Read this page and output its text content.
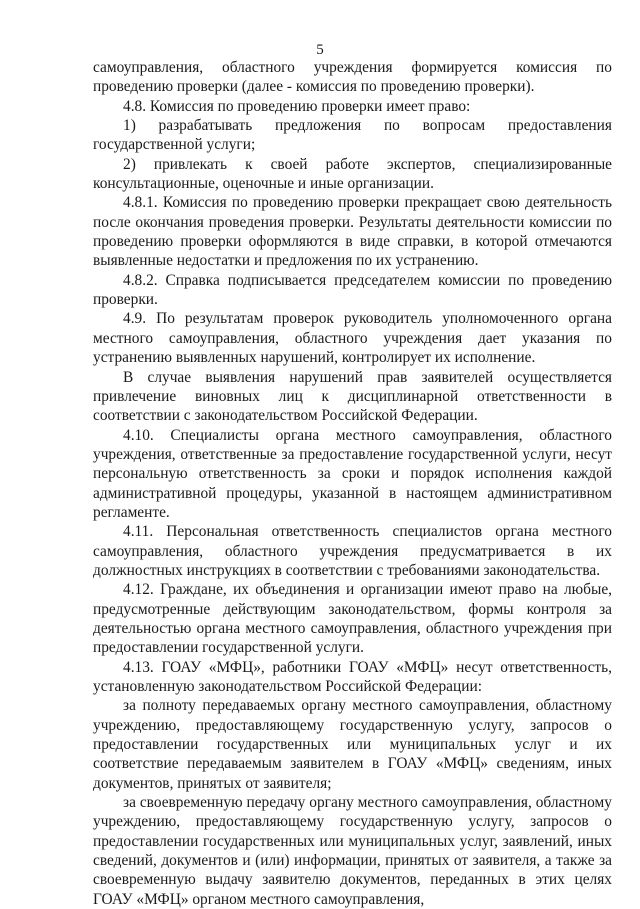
5

самоуправления, областного учреждения формируется комиссия по проведению проверки (далее - комиссия по проведению проверки).

4.8. Комиссия по проведению проверки имеет право:

1) разрабатывать предложения по вопросам предоставления государственной услуги;

2) привлекать к своей работе экспертов, специализированные консультационные, оценочные и иные организации.

4.8.1. Комиссия по проведению проверки прекращает свою деятельность после окончания проведения проверки. Результаты деятельности комиссии по проведению проверки оформляются в виде справки, в которой отмечаются выявленные недостатки и предложения по их устранению.

4.8.2. Справка подписывается председателем комиссии по проведению проверки.

4.9. По результатам проверок руководитель уполномоченного органа местного самоуправления, областного учреждения дает указания по устранению выявленных нарушений, контролирует их исполнение.

В случае выявления нарушений прав заявителей осуществляется привлечение виновных лиц к дисциплинарной ответственности в соответствии с законодательством Российской Федерации.

4.10. Специалисты органа местного самоуправления, областного учреждения, ответственные за предоставление государственной услуги, несут персональную ответственность за сроки и порядок исполнения каждой административной процедуры, указанной в настоящем административном регламенте.

4.11. Персональная ответственность специалистов органа местного самоуправления, областного учреждения предусматривается в их должностных инструкциях в соответствии с требованиями законодательства.

4.12. Граждане, их объединения и организации имеют право на любые, предусмотренные действующим законодательством, формы контроля за деятельностью органа местного самоуправления, областного учреждения при предоставлении государственной услуги.

4.13. ГОАУ «МФЦ», работники ГОАУ «МФЦ» несут ответственность, установленную законодательством Российской Федерации:

за полноту передаваемых органу местного самоуправления, областному учреждению, предоставляющему государственную услугу, запросов о предоставлении государственных или муниципальных услуг и их соответствие передаваемым заявителем в ГОАУ «МФЦ» сведениям, иных документов, принятых от заявителя;

за своевременную передачу органу местного самоуправления, областному учреждению, предоставляющему государственную услугу, запросов о предоставлении государственных или муниципальных услуг, заявлений, иных сведений, документов и (или) информации, принятых от заявителя, а также за своевременную выдачу заявителю документов, переданных в этих целях ГОАУ «МФЦ» органом местного самоуправления,
